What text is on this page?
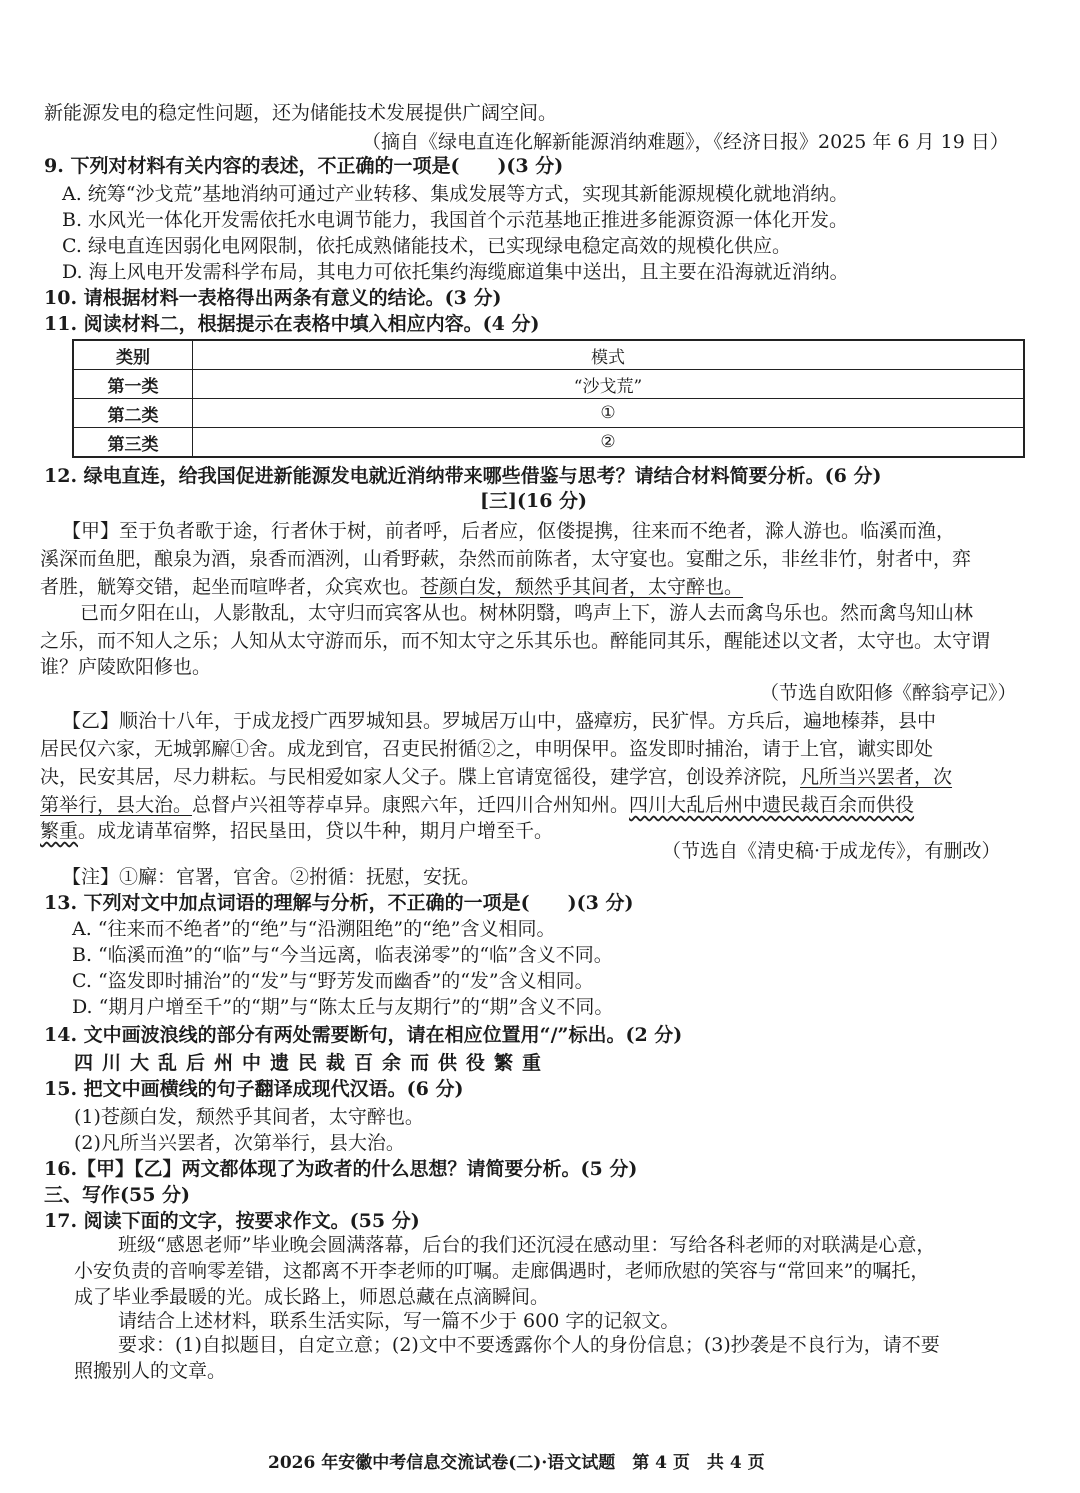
新能源发电的稳定性问题，还为储能技术发展提供广阔空间。
（摘自《绿电直连化解新能源消纳难题》，《经济日报》2025 年 6 月 19 日）
9. 下列对材料有关内容的表述，不正确的一项是(　　)(3 分)
A. 统筹“沙戈荒”基地消纳可通过产业转移、集成发展等方式，实现其新能源规模化就地消纳。
B. 水风光一体化开发需依托水电调节能力，我国首个示范基地正推进多能源资源一体化开发。
C. 绿电直连因弱化电网限制，依托成熟储能技术，已实现绿电稳定高效的规模化供应。
D. 海上风电开发需科学布局，其电力可依托集约海缆廊道集中送出，且主要在沿海就近消纳。
10. 请根据材料一表格得出两条有意义的结论。(3 分)
11. 阅读材料二，根据提示在表格中填入相应内容。(4 分)
类别	模式
第一类	“沙戈荒”
第二类	①
第三类	②
12. 绿电直连，给我国促进新能源发电就近消纳带来哪些借鉴与思考？请结合材料简要分析。(6 分)
[三](16 分)
【甲】至于负者歌于途，行者休于树，前者呼，后者应，伛偻提携，往来而不绝者，滁人游也。临溪而渔，
溪深而鱼肥，酿泉为酒，泉香而酒洌，山肴野蔌，杂然而前陈者，太守宴也。宴酣之乐，非丝非竹，射者中，弈
者胜，觥筹交错，起坐而喧哗者，众宾欢也。苍颜白发，颓然乎其间者，太守醉也。
已而夕阳在山，人影散乱，太守归而宾客从也。树林阴翳，鸣声上下，游人去而禽鸟乐也。然而禽鸟知山林
之乐，而不知人之乐；人知从太守游而乐，而不知太守之乐其乐也。醉能同其乐，醒能述以文者，太守也。太守谓
谁？庐陵欧阳修也。
（节选自欧阳修《醉翁亭记》）
【乙】顺治十八年，于成龙授广西罗城知县。罗城居万山中，盛瘴疠，民犷悍。方兵后，遍地榛莽，县中
居民仅六家，无城郭廨①舍。成龙到官，召吏民拊循②之，申明保甲。盗发即时捕治，请于上官，谳实即处
决，民安其居，尽力耕耘。与民相爱如家人父子。牒上官请宽徭役，建学宫，创设养济院，凡所当兴罢者，次
第举行，县大治。总督卢兴祖等荐卓异。康熙六年，迁四川合州知州。四川大乱后州中遗民裁百余而供役
繁重。成龙请革宿弊，招民垦田，贷以牛种，期月户增至千。
（节选自《清史稿·于成龙传》，有删改）
【注】①廨：官署，官舍。②拊循：抚慰，安抚。
13. 下列对文中加点词语的理解与分析，不正确的一项是(　　)(3 分)
A. “往来而不绝者”的“绝”与“沿溯阻绝”的“绝”含义相同。
B. “临溪而渔”的“临”与“今当远离，临表涕零”的“临”含义不同。
C. “盗发即时捕治”的“发”与“野芳发而幽香”的“发”含义相同。
D. “期月户增至千”的“期”与“陈太丘与友期行”的“期”含义不同。
14. 文中画波浪线的部分有两处需要断句，请在相应位置用“/”标出。(2 分)
四川大乱后州中遗民裁百余而供役繁重
15. 把文中画横线的句子翻译成现代汉语。(6 分)
(1)苍颜白发，颓然乎其间者，太守醉也。
(2)凡所当兴罢者，次第举行，县大治。
16.【甲】【乙】两文都体现了为政者的什么思想？请简要分析。(5 分)
三、写作(55 分)
17. 阅读下面的文字，按要求作文。(55 分)
班级“感恩老师”毕业晚会圆满落幕，后台的我们还沉浸在感动里：写给各科老师的对联满是心意，
小安负责的音响零差错，这都离不开李老师的叮嘱。走廊偶遇时，老师欣慰的笑容与“常回来”的嘱托，
成了毕业季最暖的光。成长路上，师恩总藏在点滴瞬间。
请结合上述材料，联系生活实际，写一篇不少于 600 字的记叙文。
要求：(1)自拟题目，自定立意；(2)文中不要透露你个人的身份信息；(3)抄袭是不良行为，请不要
照搬别人的文章。
2026 年安徽中考信息交流试卷(二)·语文试题　第 4 页　共 4 页
